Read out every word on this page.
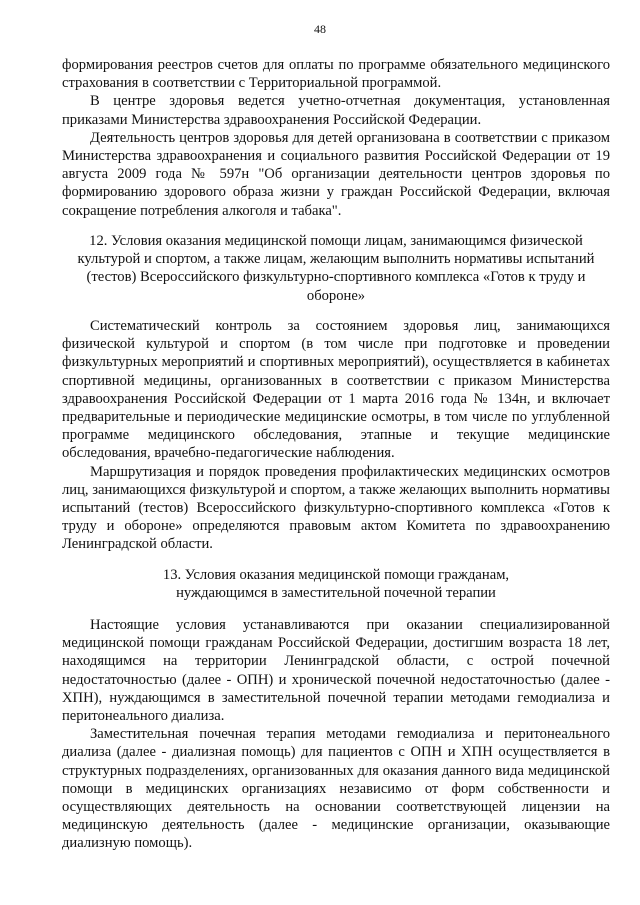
48

формирования реестров счетов для оплаты по программе обязательного медицинского страхования в соответствии с Территориальной программой.

В центре здоровья ведется учетно-отчетная документация, установленная приказами Министерства здравоохранения Российской Федерации.

Деятельность центров здоровья для детей организована в соответствии с приказом Министерства здравоохранения и социального развития Российской Федерации от 19 августа 2009 года № 597н "Об организации деятельности центров здоровья по формированию здорового образа жизни у граждан Российской Федерации, включая сокращение потребления алкоголя и табака".

12. Условия оказания медицинской помощи лицам, занимающимся физической культурой и спортом, а также лицам, желающим выполнить нормативы испытаний (тестов) Всероссийского физкультурно-спортивного комплекса «Готов к труду и обороне»

Систематический контроль за состоянием здоровья лиц, занимающихся физической культурой и спортом (в том числе при подготовке и проведении физкультурных мероприятий и спортивных мероприятий), осуществляется в кабинетах спортивной медицины, организованных в соответствии с приказом Министерства здравоохранения Российской Федерации от 1 марта 2016 года № 134н, и включает предварительные и периодические медицинские осмотры, в том числе по углубленной программе медицинского обследования, этапные и текущие медицинские обследования, врачебно-педагогические наблюдения.

Маршрутизация и порядок проведения профилактических медицинских осмотров лиц, занимающихся физкультурой и спортом, а также желающих выполнить нормативы испытаний (тестов) Всероссийского физкультурно-спортивного комплекса «Готов к труду и обороне» определяются правовым актом Комитета по здравоохранению Ленинградской области.

13. Условия оказания медицинской помощи гражданам,
нуждающимся в заместительной почечной терапии

Настоящие условия устанавливаются при оказании специализированной медицинской помощи гражданам Российской Федерации, достигшим возраста 18 лет, находящимся на территории Ленинградской области, с острой почечной недостаточностью (далее - ОПН) и хронической почечной недостаточностью (далее - ХПН), нуждающимся в заместительной почечной терапии методами гемодиализа и перитонеального диализа.

Заместительная почечная терапия методами гемодиализа и перитонеального диализа (далее - диализная помощь) для пациентов с ОПН и ХПН осуществляется в структурных подразделениях, организованных для оказания данного вида медицинской помощи в медицинских организациях независимо от форм собственности и осуществляющих деятельность на основании соответствующей лицензии на медицинскую деятельность (далее - медицинские организации, оказывающие диализную помощь).
